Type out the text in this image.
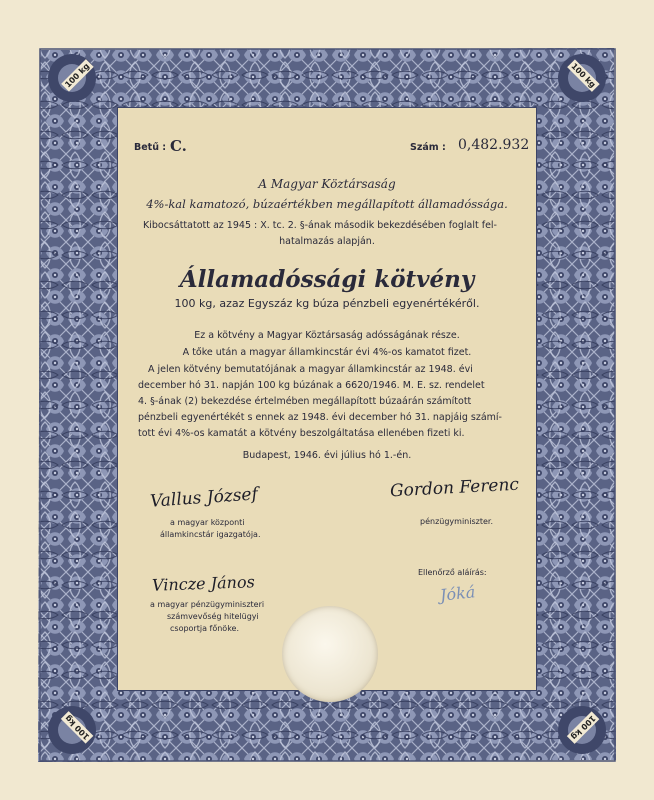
100 kg	100 kg
100 kg	100 kg
Betű : C.	Szám : 0,482.932
A Magyar Köztársaság
4%-kal kamatozó, búzaértékben megállapított államadóssága.
Kibocsáttatott az 1945 : X. tc. 2. §-ának második bekezdésében foglalt fel-
hatalmazás alapján.
Államadóssági kötvény
100 kg, azaz Egyszáz kg búza pénzbeli egyenértékéről.
Ez a kötvény a Magyar Köztársaság adósságának része.
A tőke után a magyar államkincstár évi 4%-os kamatot fizet.
A jelen kötvény bemutatójának a magyar államkincstár az 1948. évi
december hó 31. napján 100 kg búzának a 6620/1946. M. E. sz. rendelet
4. §-ának (2) bekezdése értelmében megállapított búzaárán számított
pénzbeli egyenértékét s ennek az 1948. évi december hó 31. napjáig számí-
tott évi 4%-os kamatát a kötvény beszolgáltatása ellenében fizeti ki.
Budapest, 1946. évi július hó 1.-én.
Vallus József
a magyar központi
államkincstár igazgatója.
Gordon Ferenc
pénzügyminiszter.
Ellenőrző aláírás:
Jóká
Vincze János
a magyar pénzügyminiszteri
számvevőség hitelügyi
csoportja főnöke.
